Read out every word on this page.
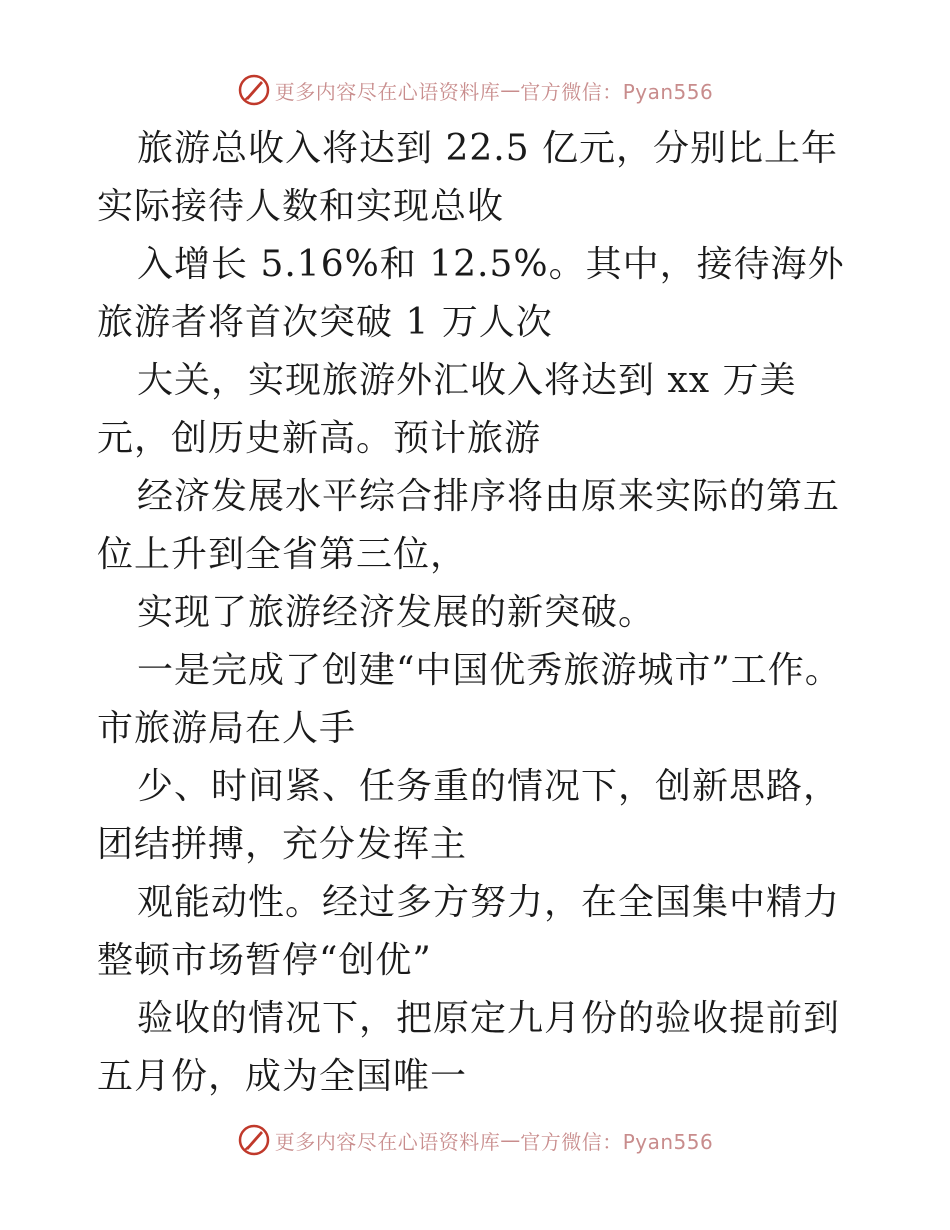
更多内容尽在心语资料库 — 官方微信：Pyan556

旅游总收入将达到 22.5 亿元，分别比上年实际接待人数和实现总收

入增长 5.16%和 12.5%。其中，接待海外旅游者将首次突破 1 万人次

大关，实现旅游外汇收入将达到 xx 万美元，创历史新高。预计旅游

经济发展水平综合排序将由原来实际的第五位上升到全省第三位，

实现了旅游经济发展的新突破。

一是完成了创建“中国优秀旅游城市”工作。市旅游局在人手

少、时间紧、任务重的情况下，创新思路，团结拼搏，充分发挥主

观能动性。经过多方努力，在全国集中精力整顿市场暂停“创优”

验收的情况下，把原定九月份的验收提前到五月份，成为全国唯一

更多内容尽在心语资料库 — 官方微信：Pyan556
